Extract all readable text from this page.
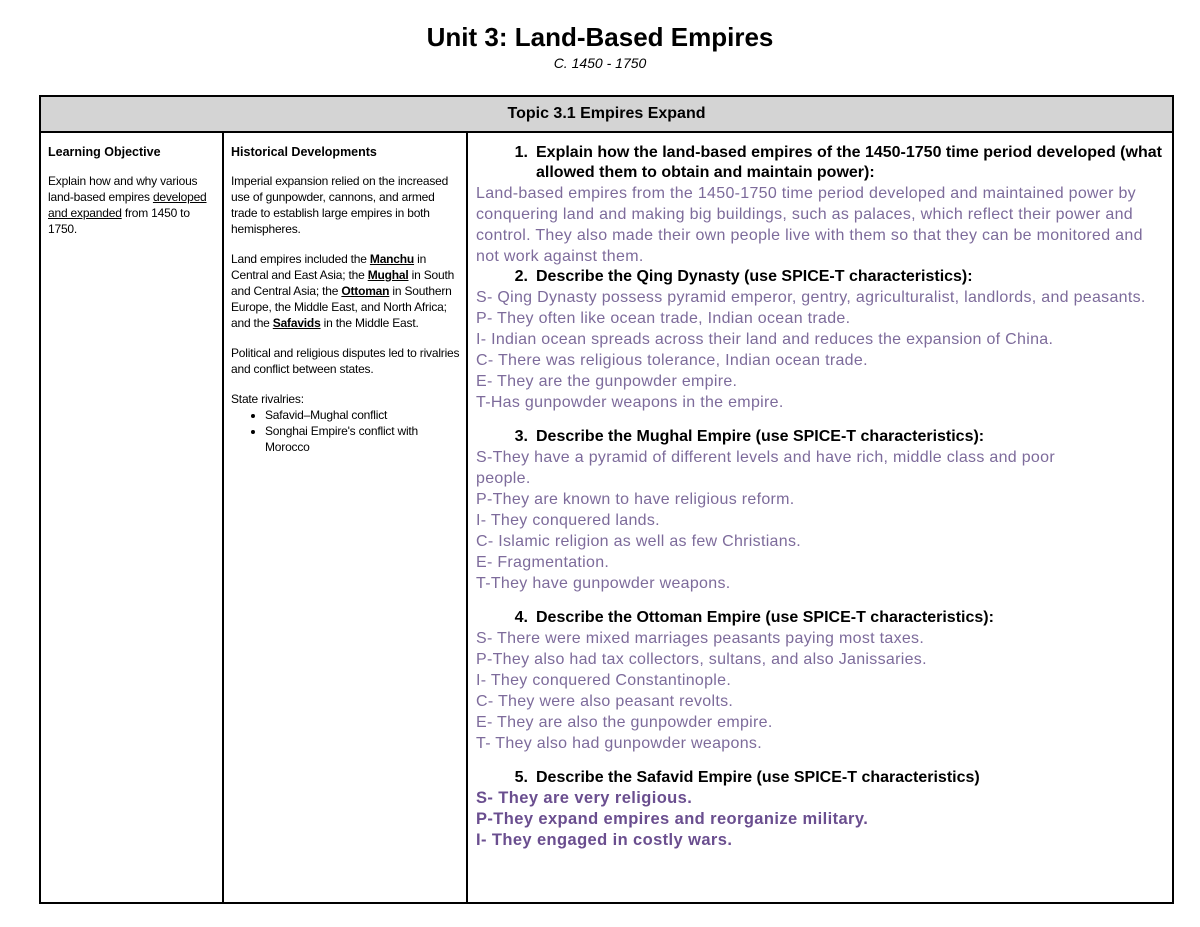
Unit 3: Land-Based Empires
C. 1450 - 1750
Topic 3.1 Empires Expand
Learning Objective
Explain how and why various land-based empires developed and expanded from 1450 to 1750.
Historical Developments

Imperial expansion relied on the increased use of gunpowder, cannons, and armed trade to establish large empires in both hemispheres.

Land empires included the Manchu in Central and East Asia; the Mughal in South and Central Asia; the Ottoman in Southern Europe, the Middle East, and North Africa; and the Safavids in the Middle East.

Political and religious disputes led to rivalries and conflict between states.

State rivalries:
• Safavid–Mughal conflict
• Songhai Empire's conflict with Morocco
1. Explain how the land-based empires of the 1450-1750 time period developed (what allowed them to obtain and maintain power):
Land-based empires from the 1450-1750 time period developed and maintained power by conquering land and making big buildings, such as palaces, which reflect their power and control. They also made their own people live with them so that they can be monitored and not work against them.
2. Describe the Qing Dynasty (use SPICE-T characteristics):
S- Qing Dynasty possess pyramid emperor, gentry, agriculturalist, landlords, and peasants.
P- They often like ocean trade, Indian ocean trade.
I- Indian ocean spreads across their land and reduces the expansion of China.
C- There was religious tolerance, Indian ocean trade.
E- They are the gunpowder empire.
T-Has gunpowder weapons in the empire.
3. Describe the Mughal Empire (use SPICE-T characteristics):
S-They have a pyramid of different levels and have rich, middle class and poor people.
P-They are known to have religious reform.
I- They conquered lands.
C- Islamic religion as well as few Christians.
E- Fragmentation.
T-They have gunpowder weapons.
4. Describe the Ottoman Empire (use SPICE-T characteristics):
S- There were mixed marriages peasants paying most taxes.
P-They also had tax collectors, sultans, and also Janissaries.
I- They conquered Constantinople.
C- They were also peasant revolts.
E- They are also the gunpowder empire.
T- They also had gunpowder weapons.
5. Describe the Safavid Empire (use SPICE-T characteristics)
S- They are very religious.
P-They expand empires and reorganize military.
I- They engaged in costly wars.
